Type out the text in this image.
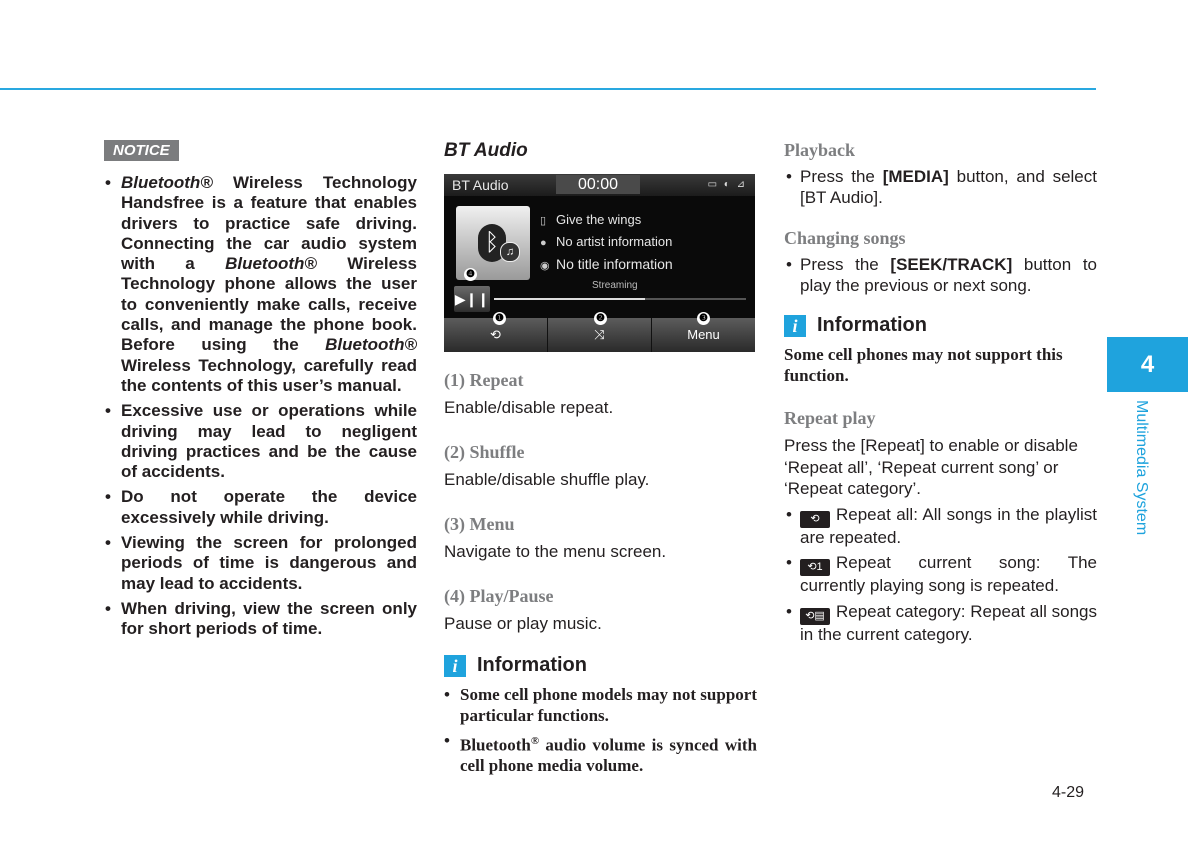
NOTICE
• Bluetooth® Wireless Technology Handsfree is a feature that enables drivers to practice safe driving. Connecting the car audio system with a Bluetooth® Wireless Technology phone allows the user to conveniently make calls, receive calls, and manage the phone book. Before using the Bluetooth® Wireless Technology, carefully read the contents of this user’s manual.
• Excessive use or operations while driving may lead to negligent driving practices and be the cause of accidents.
• Do not operate the device excessively while driving.
• Viewing the screen for prolonged periods of time is dangerous and may lead to accidents.
• When driving, view the screen only for short periods of time.
BT Audio
BT Audio	00:00	▭ ◐ ⊿
ᛒ ♫
▯ Give the wings
● No artist information
◉ No title information
Streaming
▶❙❙
⟲	⤨	Menu
❶	❷	❸
❹
(1) Repeat

Enable/disable repeat.

(2) Shuffle

Enable/disable shuffle play.

(3) Menu

Navigate to the menu screen.

(4) Play/Pause

Pause or play music.

i Information
• Some cell phone models may not support particular functions.
• Bluetooth® audio volume is synced with cell phone media volume.
Playback
• Press the [MEDIA] button, and select [BT Audio].
Changing songs
• Press the [SEEK/TRACK] button to play the previous or next song.
i Information

Some cell phones may not support this function.

Repeat play

Press the [Repeat] to enable or disable ‘Repeat all’, ‘Repeat current song’ or ‘Repeat category’.

• ⟲ Repeat all: All songs in the playlist are repeated.
• ⟲1 Repeat current song: The currently playing song is repeated.
• ⟲▤ Repeat category: Repeat all songs in the current category.
4
Multimedia System
4-29
